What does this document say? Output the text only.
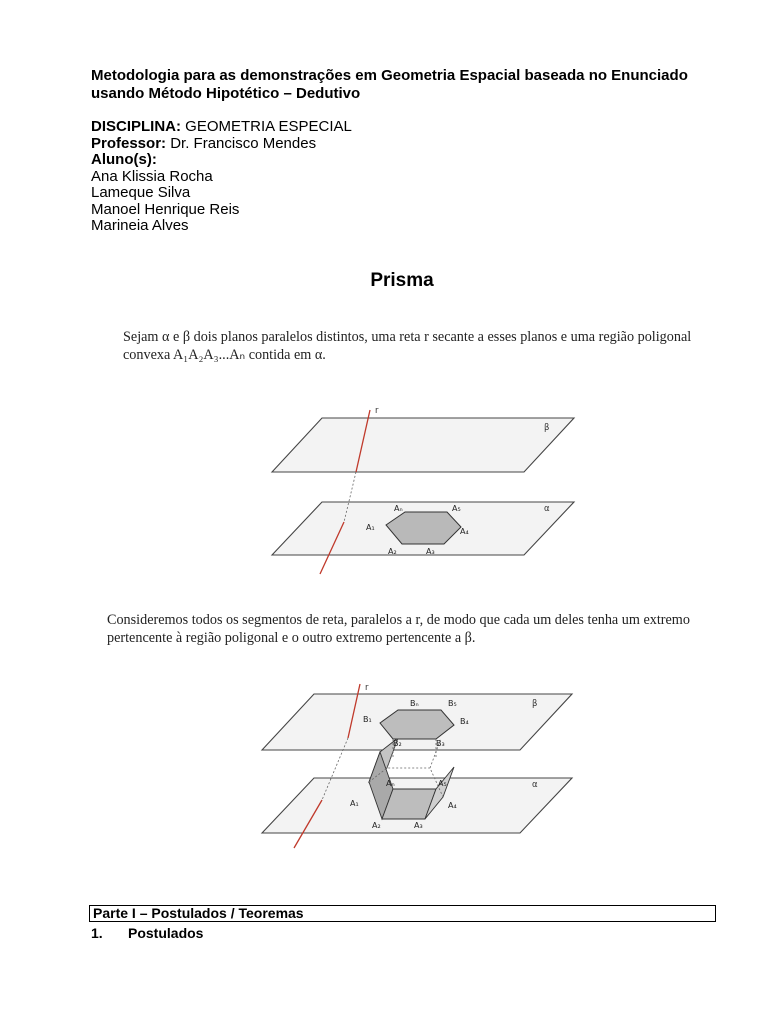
Metodologia para as demonstrações em Geometria Espacial baseada no Enunciado usando Método Hipotético – Dedutivo
DISCIPLINA: GEOMETRIA ESPECIAL
Professor: Dr. Francisco Mendes
Aluno(s):
Ana Klissia Rocha
Lameque Silva
Manoel Henrique Reis
Marineia Alves
Prisma
Sejam α e β dois planos paralelos distintos, uma reta r secante a esses planos e uma região poligonal
convexa A₁A₂A₃...Aₙ contida em α.
r
β
α
Aₙ	A₅
A₁	A₄
A₂	A₃
Consideremos todos os segmentos de reta, paralelos a r, de modo que cada um deles tenha um extremo
pertencente à região poligonal e o outro extremo pertencente a β.
r
β
α
Bₙ	B₅
B₁	B₄
B₂	B₃
Aₙ	A₅
A₁	A₄
A₂	A₃
Parte I – Postulados / Teoremas
1. Postulados
